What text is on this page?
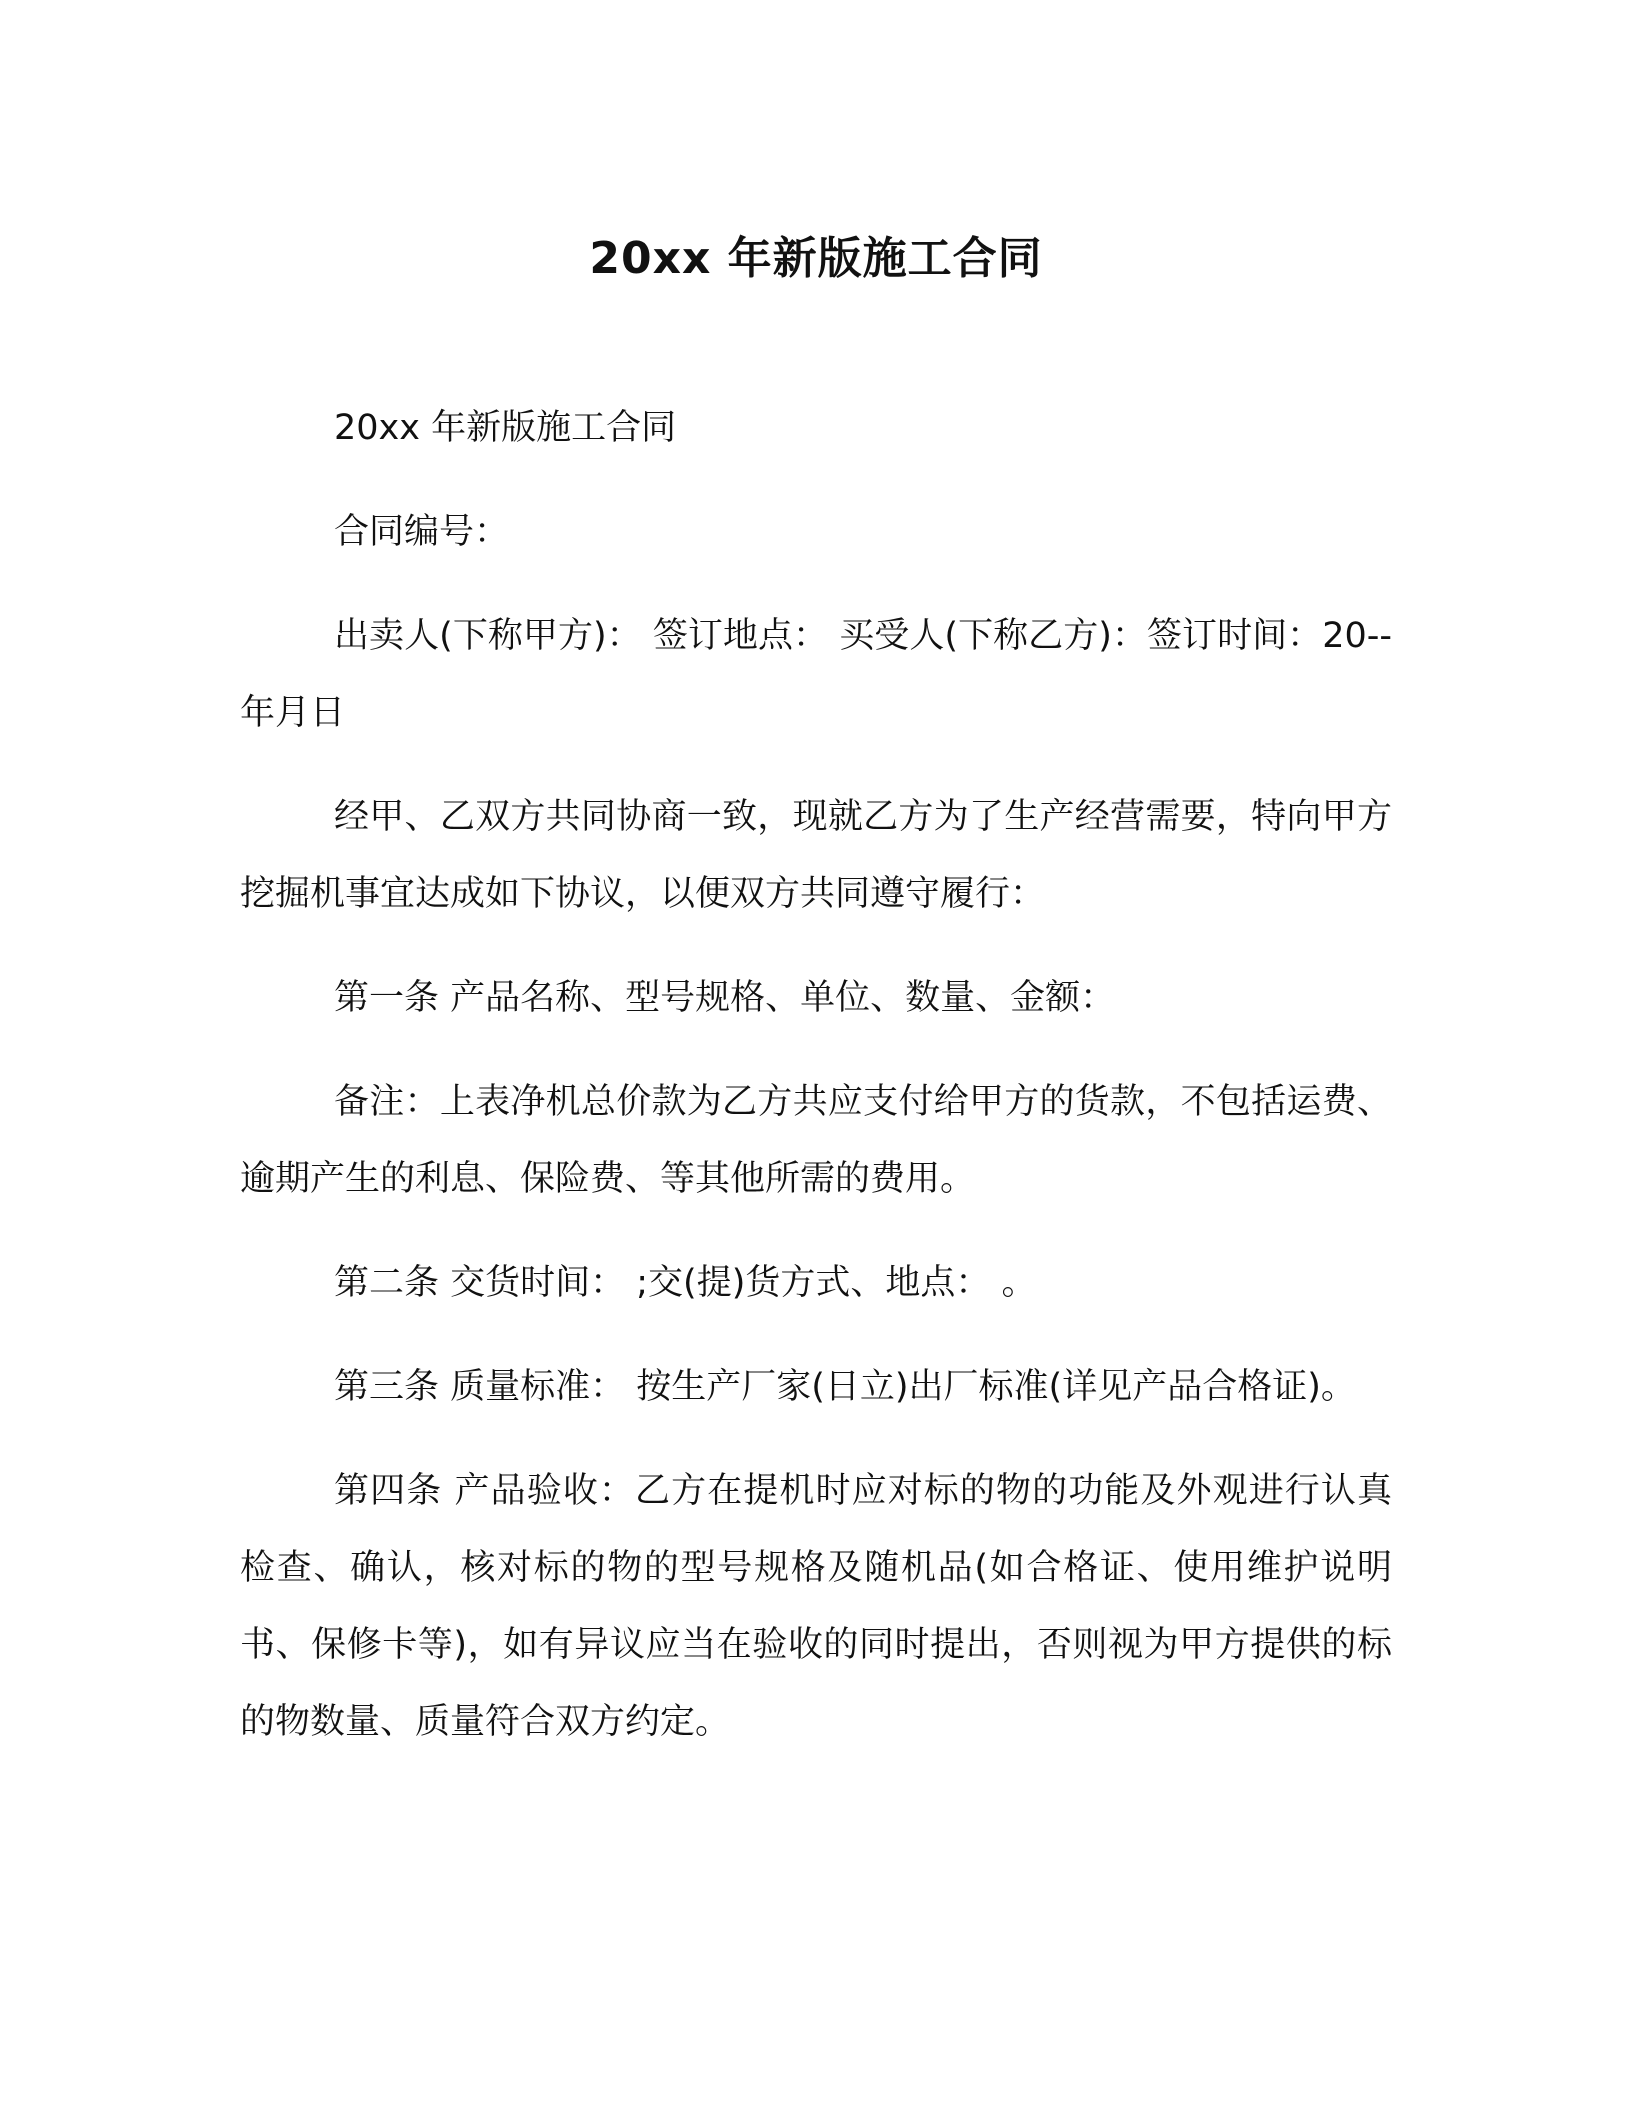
20xx 年新版施工合同

20xx 年新版施工合同

合同编号：

出卖人(下称甲方)： 签订地点： 买受人(下称乙方)：签订时间：20--年月日

经甲、乙双方共同协商一致，现就乙方为了生产经营需要，特向甲方挖掘机事宜达成如下协议，以便双方共同遵守履行：

第一条 产品名称、型号规格、单位、数量、金额：

备注：上表净机总价款为乙方共应支付给甲方的货款，不包括运费、逾期产生的利息、保险费、等其他所需的费用。

第二条 交货时间： ;交(提)货方式、地点： 。

第三条 质量标准： 按生产厂家(日立)出厂标准(详见产品合格证)。

第四条 产品验收：乙方在提机时应对标的物的功能及外观进行认真检查、确认，核对标的物的型号规格及随机品(如合格证、使用维护说明书、保修卡等)，如有异议应当在验收的同时提出，否则视为甲方提供的标的物数量、质量符合双方约定。
